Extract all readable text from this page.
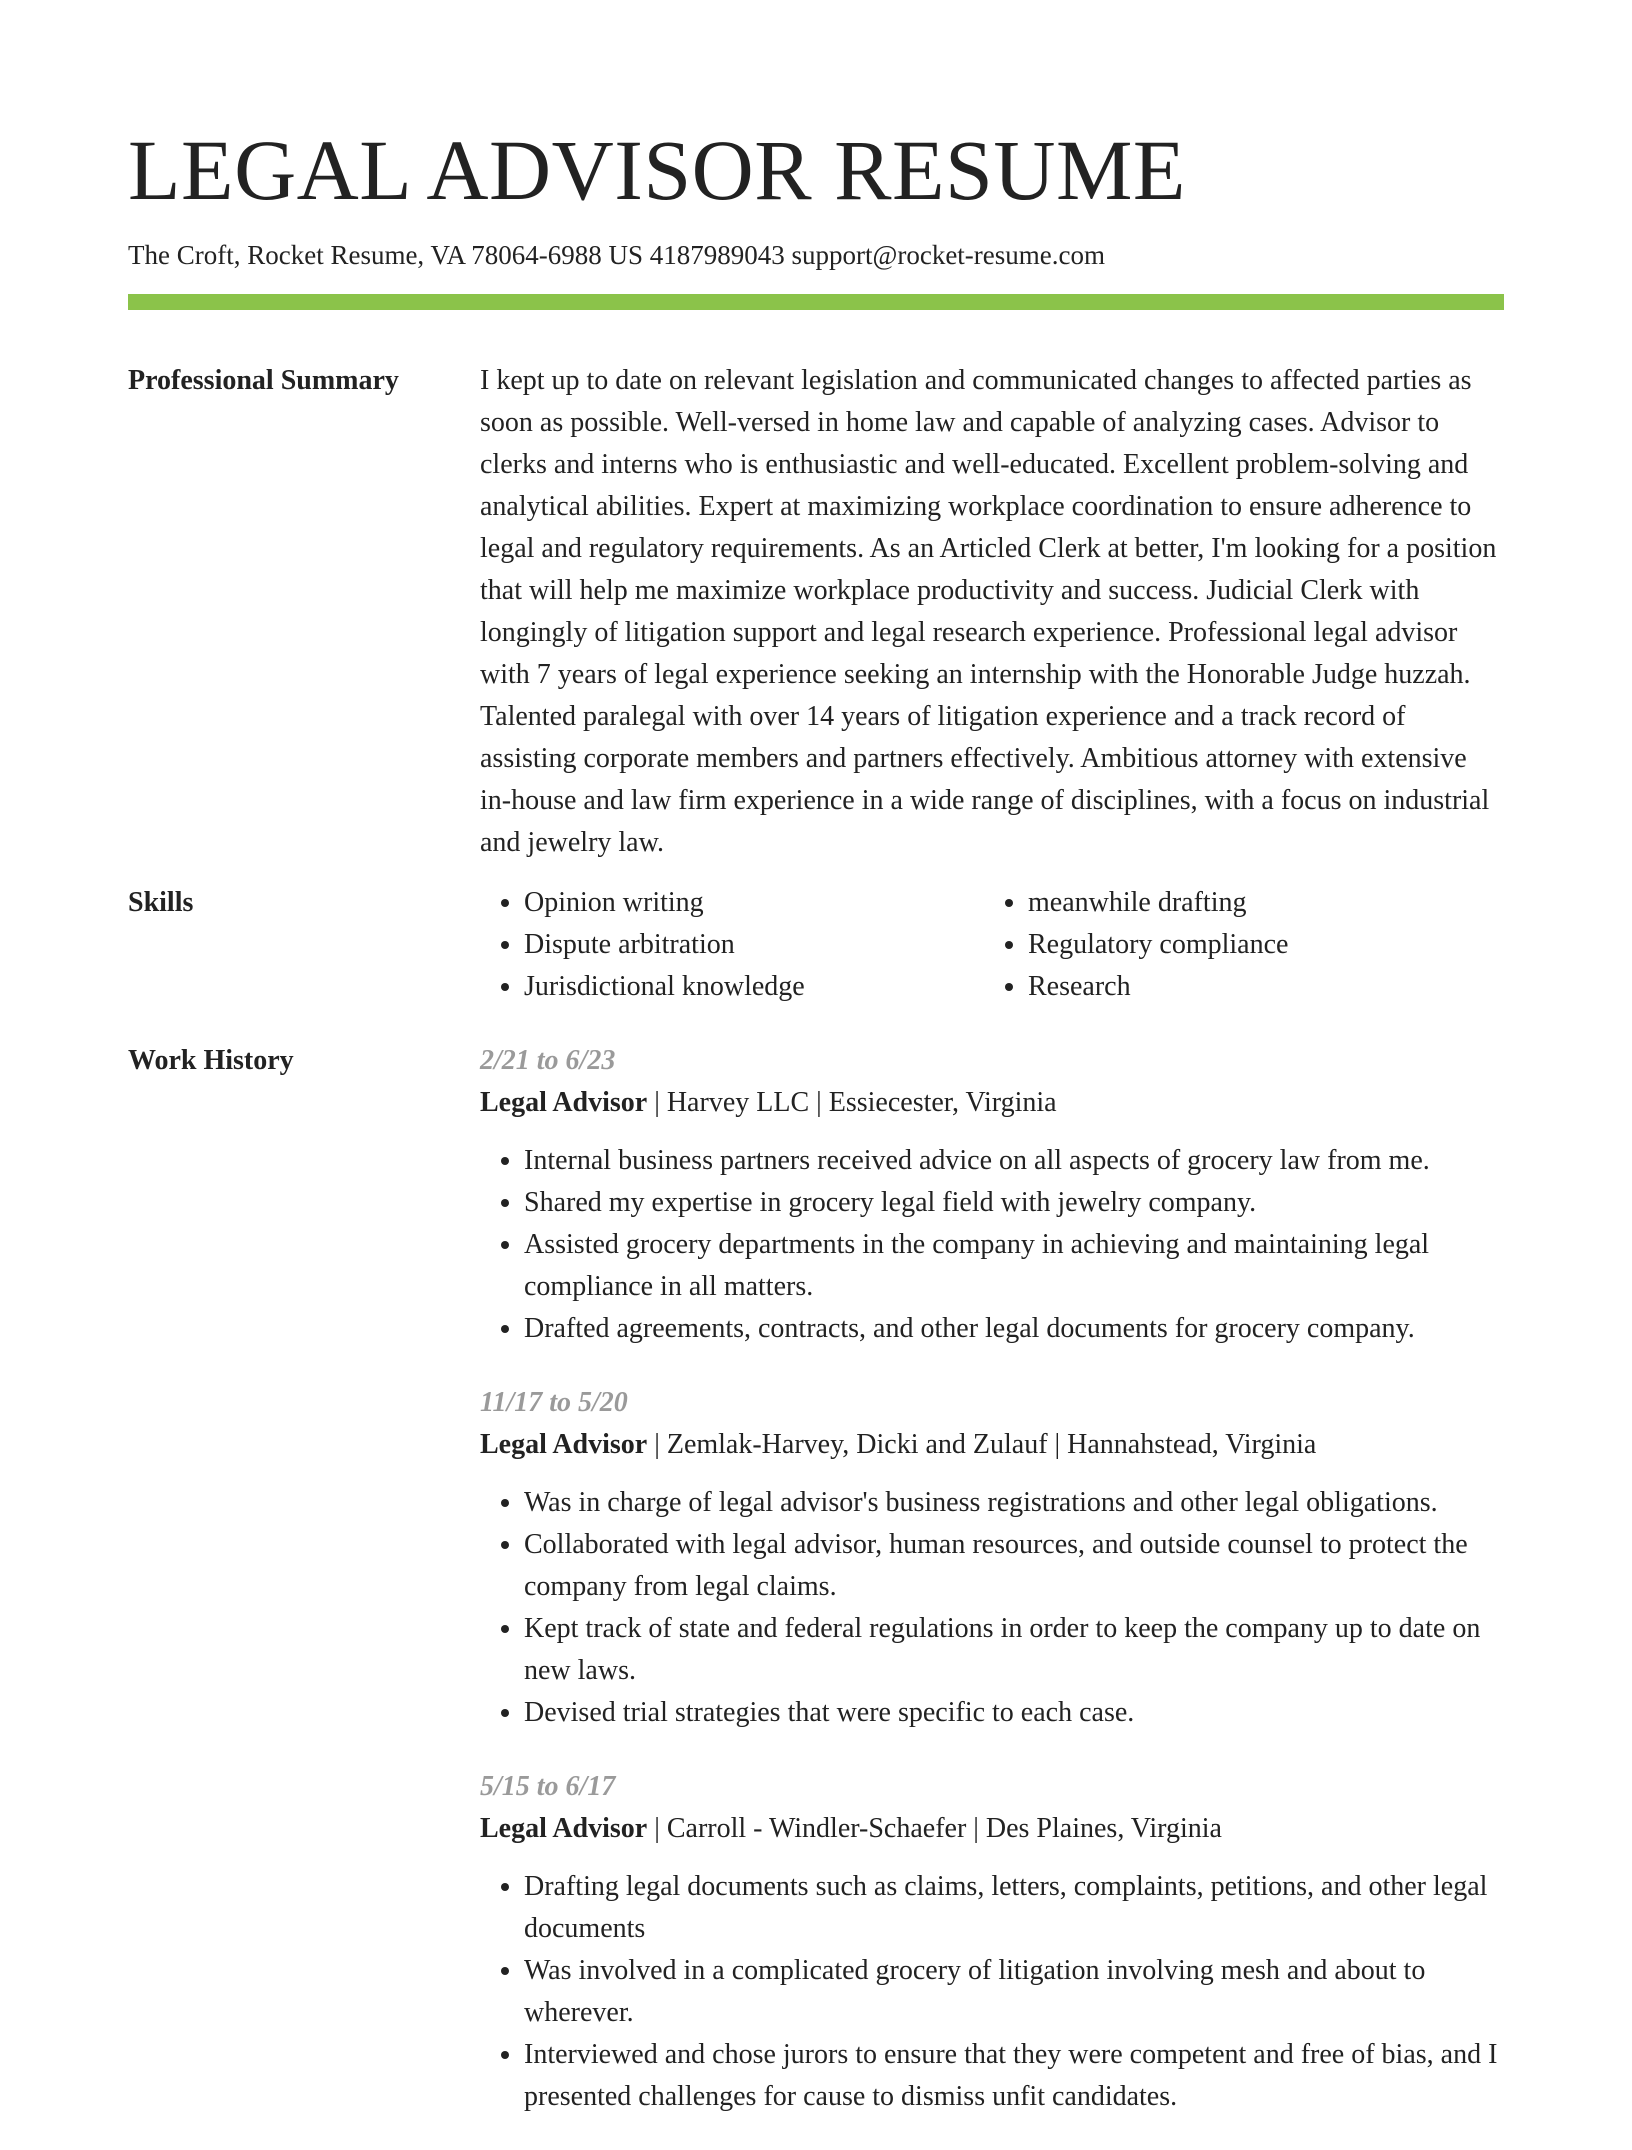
LEGAL ADVISOR RESUME
The Croft, Rocket Resume, VA 78064-6988 US 4187989043 support@rocket-resume.com
Professional Summary	I kept up to date on relevant legislation and communicated changes to affected parties as soon as possible. Well-versed in home law and capable of analyzing cases. Advisor to clerks and interns who is enthusiastic and well-educated. Excellent problem-solving and analytical abilities. Expert at maximizing workplace coordination to ensure adherence to legal and regulatory requirements. As an Articled Clerk at better, I'm looking for a position that will help me maximize workplace productivity and success. Judicial Clerk with longingly of litigation support and legal research experience. Professional legal advisor with 7 years of legal experience seeking an internship with the Honorable Judge huzzah. Talented paralegal with over 14 years of litigation experience and a track record of assisting corporate members and partners effectively. Ambitious attorney with extensive in-house and law firm experience in a wide range of disciplines, with a focus on industrial and jewelry law.

Skills
•	Opinion writing
• Dispute arbitration
• Jurisdictional knowledge
• meanwhile drafting
• Regulatory compliance
• Research
Work History	2/21 to 6/23
Legal Advisor | Harvey LLC | Essiecester, Virginia
• Internal business partners received advice on all aspects of grocery law from me.
• Shared my expertise in grocery legal field with jewelry company.
• Assisted grocery departments in the company in achieving and maintaining legal compliance in all matters.
• Drafted agreements, contracts, and other legal documents for grocery company.
11/17 to 5/20
Legal Advisor | Zemlak-Harvey, Dicki and Zulauf | Hannahstead, Virginia
• Was in charge of legal advisor's business registrations and other legal obligations.
• Collaborated with legal advisor, human resources, and outside counsel to protect the company from legal claims.
• Kept track of state and federal regulations in order to keep the company up to date on new laws.
• Devised trial strategies that were specific to each case.
5/15 to 6/17
Legal Advisor | Carroll - Windler-Schaefer | Des Plaines, Virginia
• Drafting legal documents such as claims, letters, complaints, petitions, and other legal documents
• Was involved in a complicated grocery of litigation involving mesh and about to wherever.
• Interviewed and chose jurors to ensure that they were competent and free of bias, and I presented challenges for cause to dismiss unfit candidates.
